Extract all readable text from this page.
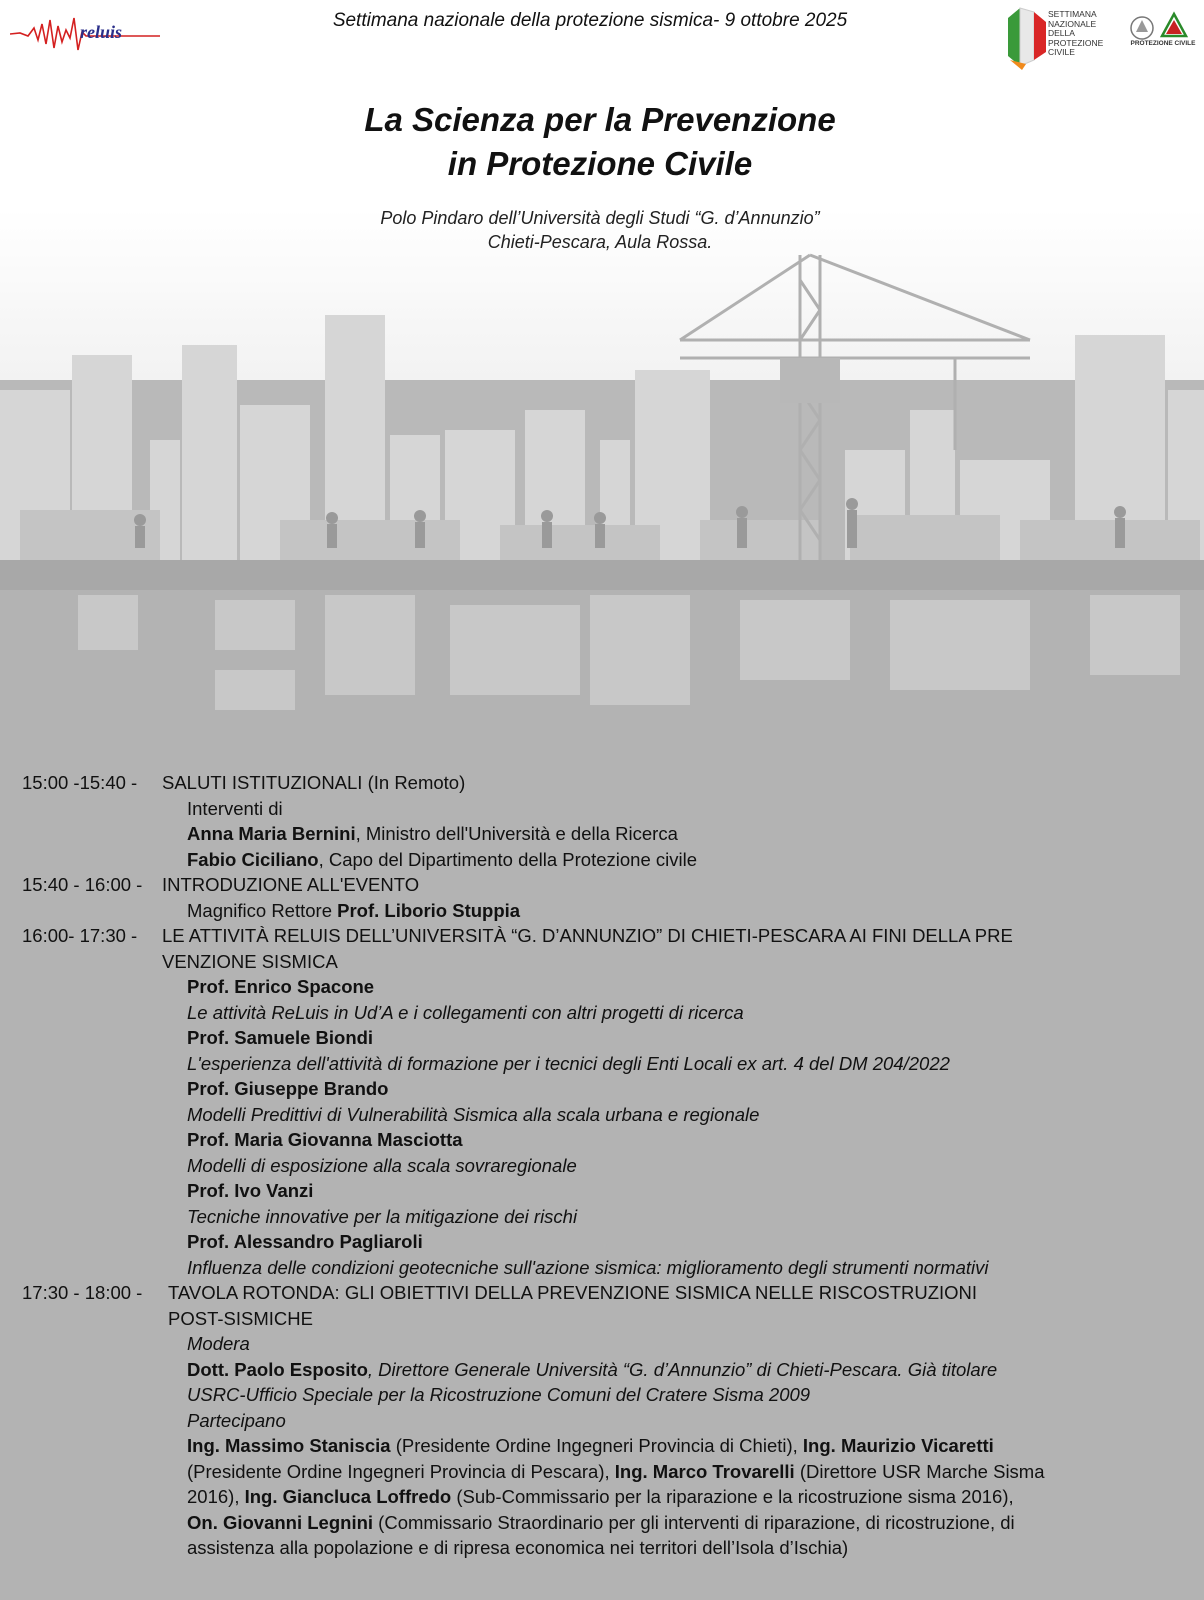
reluis
Settimana nazionale della protezione sismica- 9 ottobre 2025	SETTIMANA
NAZIONALE
DELLA
PROTEZIONE
CIVILE
PROTEZIONE CIVILE
La Scienza per la Prevenzione
in Protezione Civile
Polo Pindaro dell’Università degli Studi “G. d’Annunzio”
Chieti-Pescara, Aula Rossa.
15:00 -15:40 -	SALUTI ISTITUZIONALI (In Remoto)
Interventi di
Anna Maria Bernini, Ministro dell'Università e della Ricerca
Fabio Ciciliano, Capo del Dipartimento della Protezione civile
15:40 - 16:00 -	INTRODUZIONE ALL'EVENTO
Magnifico Rettore Prof. Liborio Stuppia
16:00- 17:30 -	LE ATTIVITÀ RELUIS DELL’UNIVERSITÀ “G. D’ANNUNZIO” DI CHIETI-PESCARA AI FINI DELLA PRE
VENZIONE SISMICA
Prof. Enrico Spacone
Le attività ReLuis in Ud’A e i collegamenti con altri progetti di ricerca
Prof. Samuele Biondi
L'esperienza dell'attività di formazione per i tecnici degli Enti Locali ex art. 4 del DM 204/2022
Prof. Giuseppe Brando
Modelli Predittivi di Vulnerabilità Sismica alla scala urbana e regionale
Prof. Maria Giovanna Masciotta
Modelli di esposizione alla scala sovraregionale
Prof. Ivo Vanzi
Tecniche innovative per la mitigazione dei rischi
Prof. Alessandro Pagliaroli
Influenza delle condizioni geotecniche sull'azione sismica: miglioramento degli strumenti normativi
17:30 - 18:00 -	TAVOLA ROTONDA: GLI OBIETTIVI DELLA PREVENZIONE SISMICA NELLE RISCOSTRUZIONI
POST-SISMICHE
Modera
Dott. Paolo Esposito, Direttore Generale Università “G. d’Annunzio” di Chieti-Pescara. Già titolare
USRC-Ufficio Speciale per la Ricostruzione Comuni del Cratere Sisma 2009
Partecipano
Ing. Massimo Staniscia (Presidente Ordine Ingegneri Provincia di Chieti), Ing. Maurizio Vicaretti
(Presidente Ordine Ingegneri Provincia di Pescara), Ing. Marco Trovarelli (Direttore USR Marche Sisma
2016), Ing. Giancluca Loffredo (Sub-Commissario per la riparazione e la ricostruzione sisma 2016),
On. Giovanni Legnini (Commissario Straordinario per gli interventi di riparazione, di ricostruzione, di
assistenza alla popolazione e di ripresa economica nei territori dell’Isola d’Ischia)
